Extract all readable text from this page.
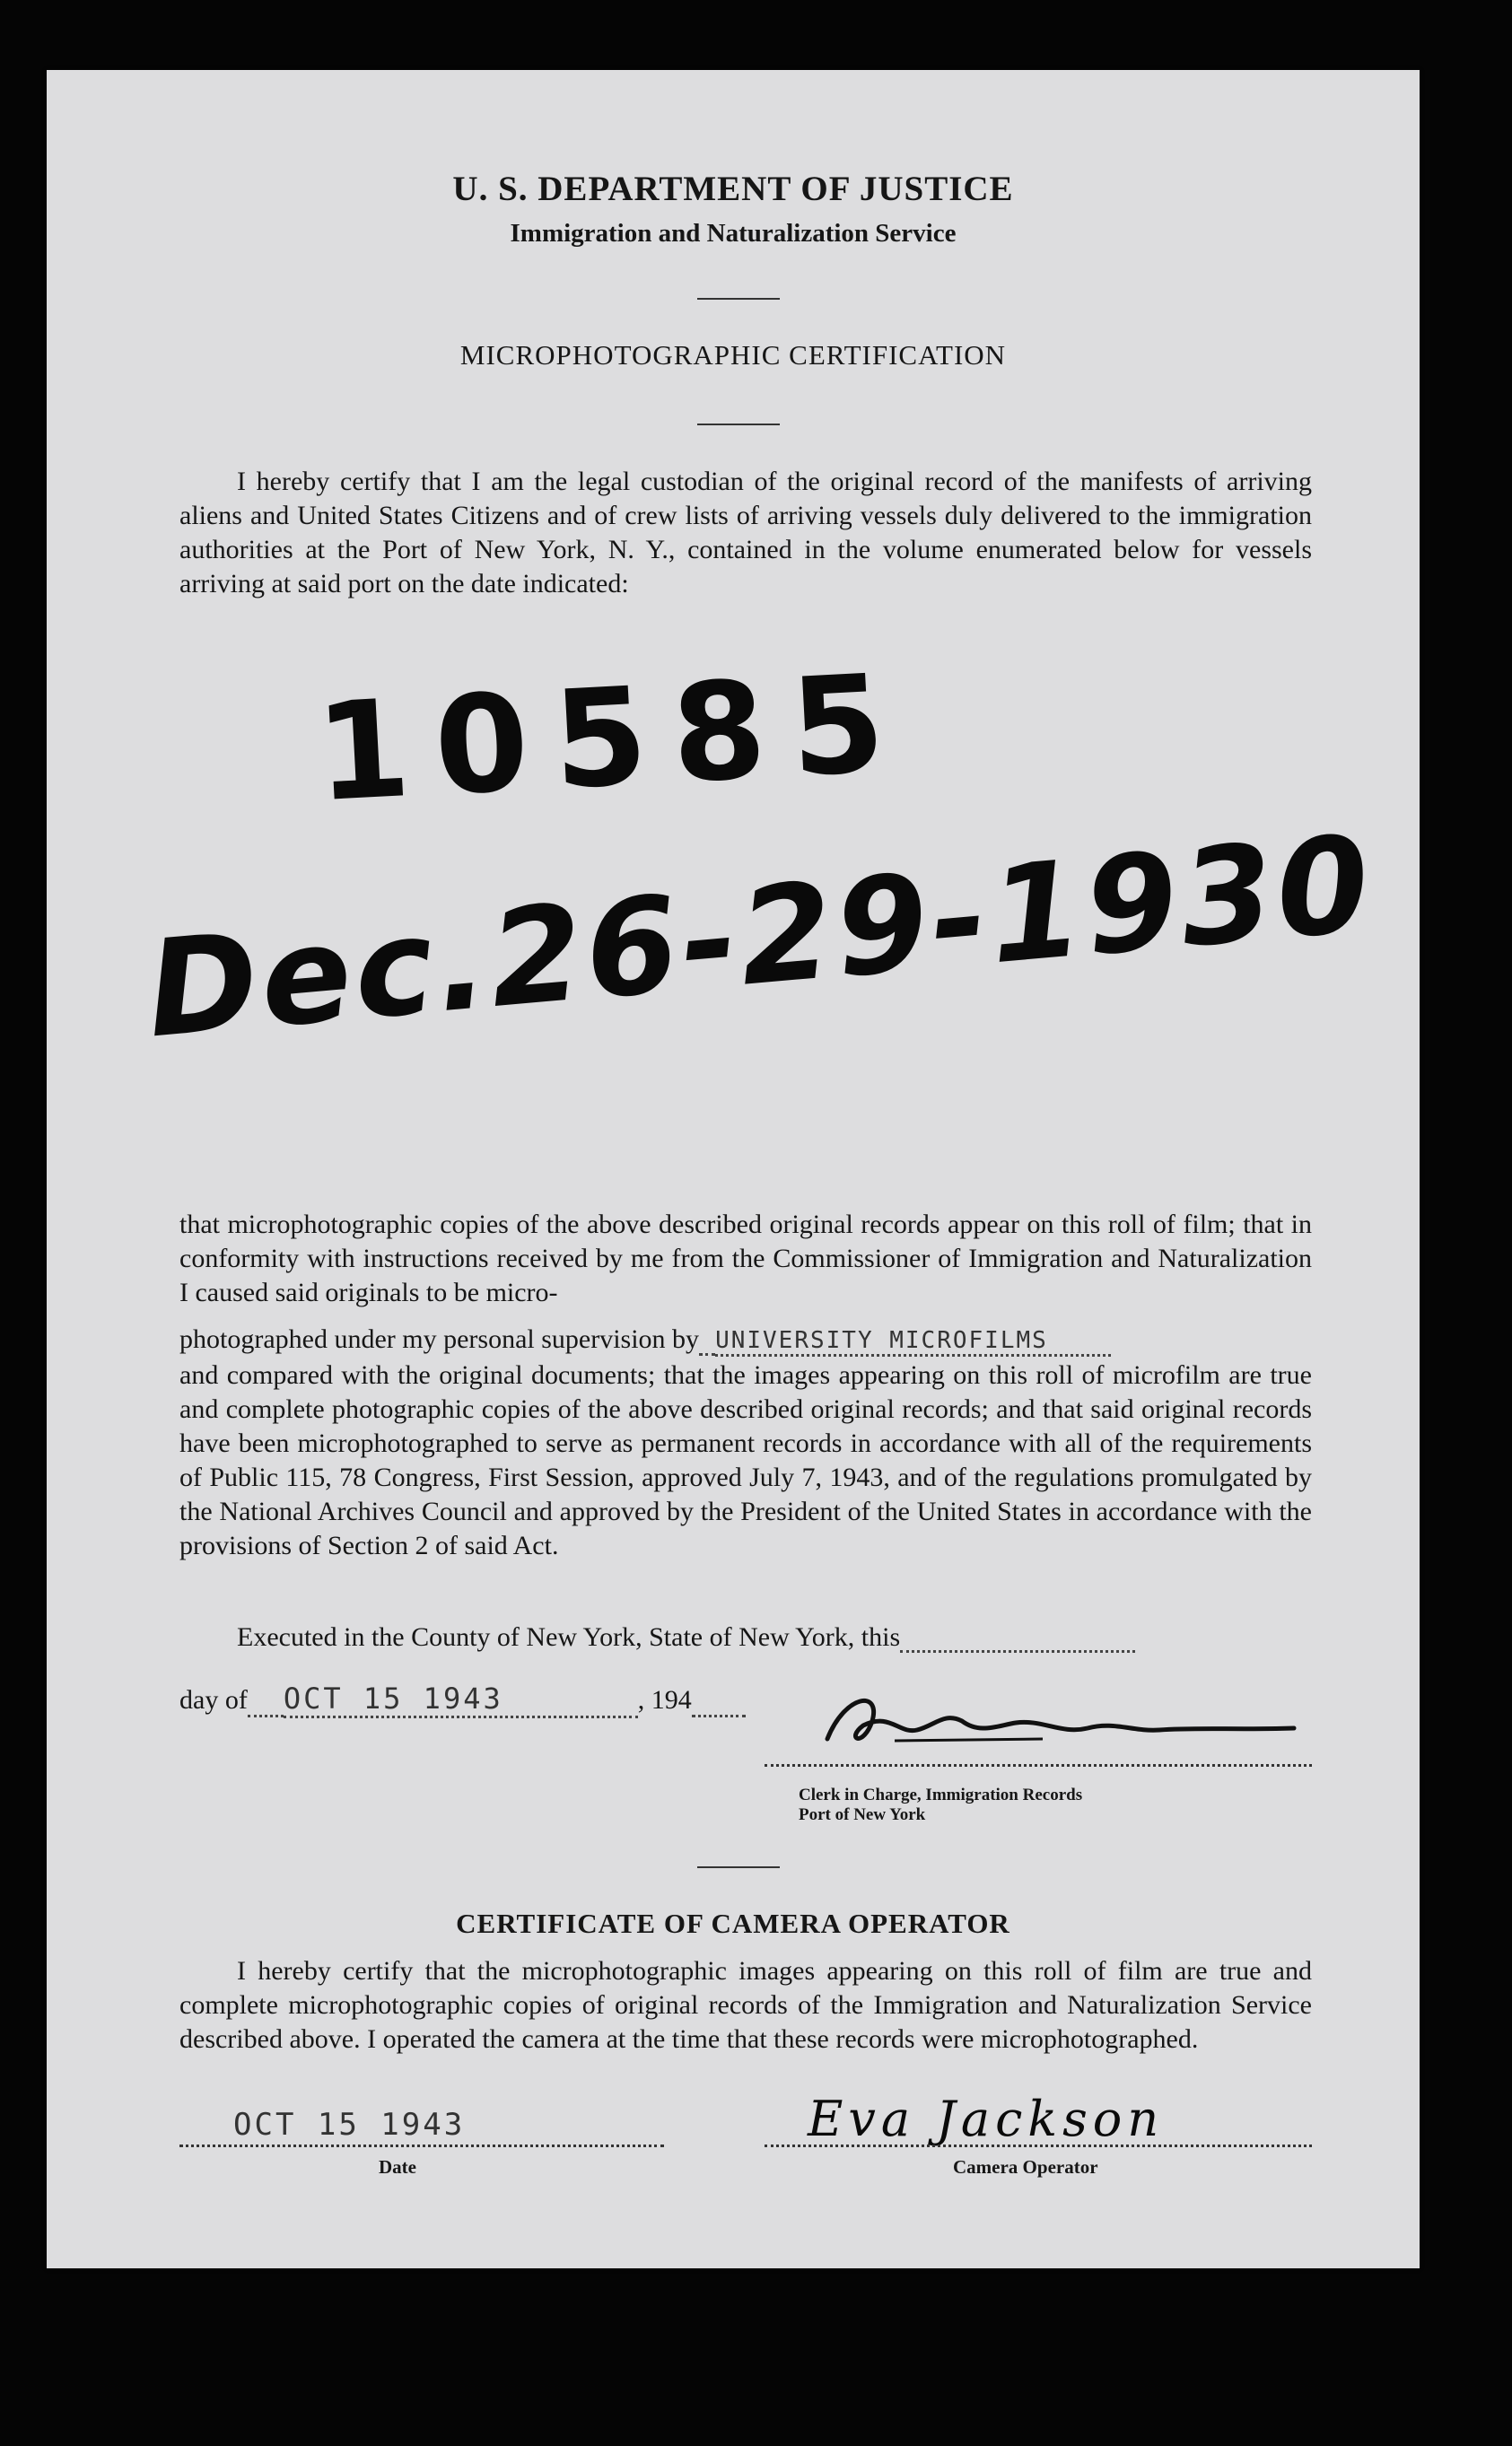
U. S. DEPARTMENT OF JUSTICE
Immigration and Naturalization Service
MICROPHOTOGRAPHIC CERTIFICATION
I hereby certify that I am the legal custodian of the original record of the manifests of arriving aliens and United States Citizens and of crew lists of arriving vessels duly delivered to the immigration authorities at the Port of New York, N. Y., contained in the volume enumerated below for vessels arriving at said port on the date indicated:
10585
Dec.26-29-1930
that microphotographic copies of the above described original records appear on this roll of film; that in conformity with instructions received by me from the Commissioner of Immigration and Naturalization I caused said originals to be micro-
photographed under my personal supervision by UNIVERSITY MICROFILMS
and compared with the original documents; that the images appearing on this roll of microfilm are true and complete photographic copies of the above described original records; and that said original records have been microphotographed to serve as permanent records in accordance with all of the requirements of Public 115, 78 Congress, First Session, approved July 7, 1943, and of the regulations promulgated by the National Archives Council and approved by the President of the United States in accordance with the provisions of Section 2 of said Act.
Executed in the County of New York, State of New York, this
day of OCT 15 1943	, 194
Clerk in Charge, Immigration Records
Port of New York
CERTIFICATE OF CAMERA OPERATOR
I hereby certify that the microphotographic images appearing on this roll of film are true and complete microphotographic copies of original records of the Immigration and Naturalization Service described above. I operated the camera at the time that these records were microphotographed.
OCT 15 1943
Date
Eva Jackson
Camera Operator
